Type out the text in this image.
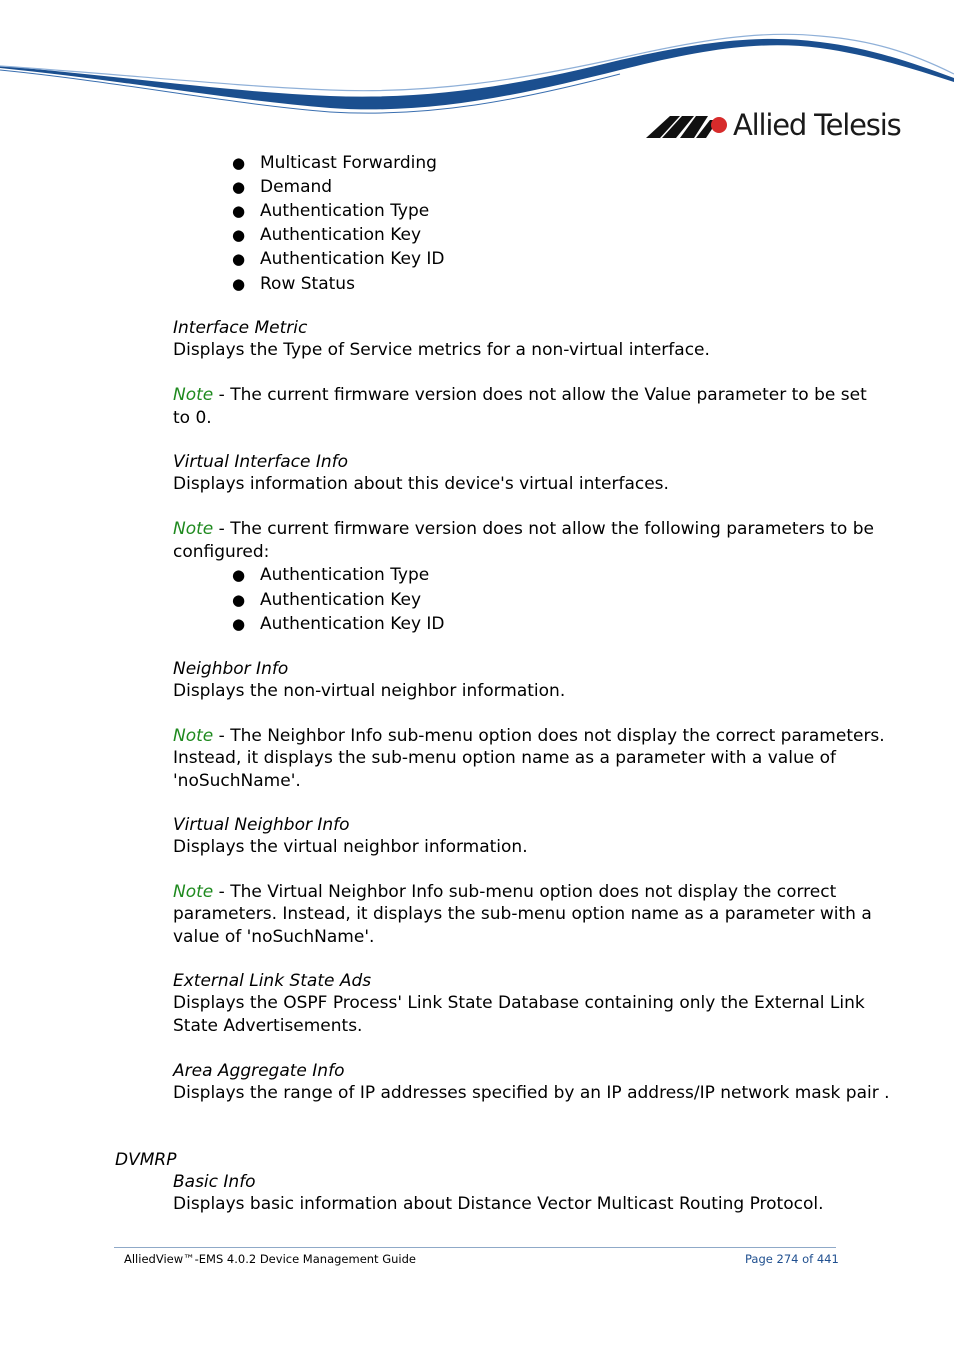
Allied Telesis
● Multicast Forwarding
● Demand
● Authentication Type
● Authentication Key
● Authentication Key ID
● Row Status
Interface Metric
Displays the Type of Service metrics for a non-virtual interface.
Note - The current firmware version does not allow the Value parameter to be set
to 0.
Virtual Interface Info
Displays information about this device's virtual interfaces.
Note - The current firmware version does not allow the following parameters to be
configured:
● Authentication Type
● Authentication Key
● Authentication Key ID
Neighbor Info
Displays the non-virtual neighbor information.
Note - The Neighbor Info sub-menu option does not display the correct parameters.
Instead, it displays the sub-menu option name as a parameter with a value of
'noSuchName'.
Virtual Neighbor Info
Displays the virtual neighbor information.
Note - The Virtual Neighbor Info sub-menu option does not display the correct
parameters. Instead, it displays the sub-menu option name as a parameter with a
value of 'noSuchName'.
External Link State Ads
Displays the OSPF Process' Link State Database containing only the External Link
State Advertisements.
Area Aggregate Info
Displays the range of IP addresses specified by an IP address/IP network mask pair .
DVMRP
Basic Info
Displays basic information about Distance Vector Multicast Routing Protocol.
AlliedView™-EMS 4.0.2 Device Management Guide	Page 274 of 441
